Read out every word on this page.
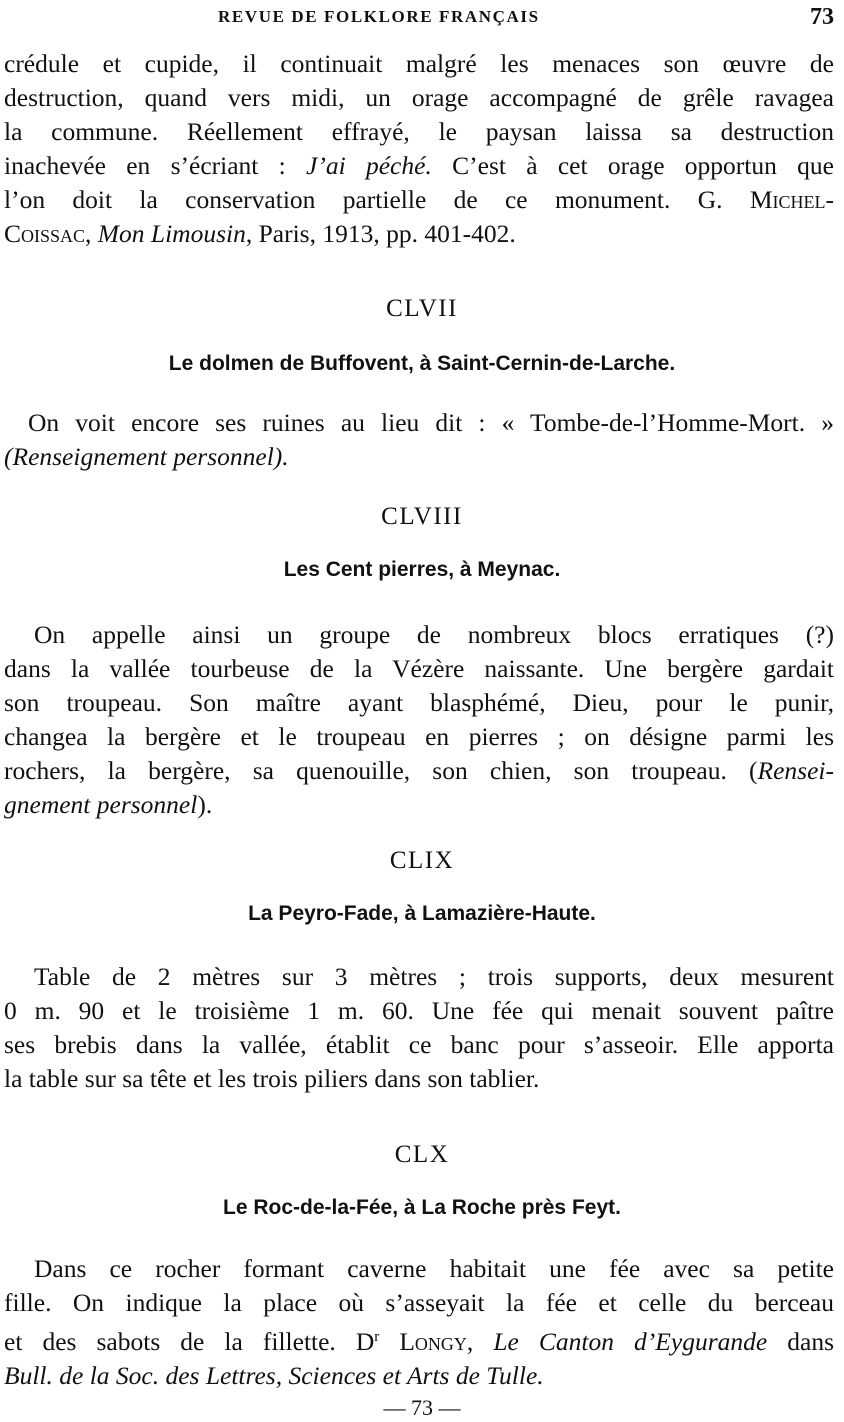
REVUE DE FOLKLORE FRANÇAIS	73

crédule et cupide, il continuait malgré les menaces son œuvre de
destruction, quand vers midi, un orage accompagné de grêle ravagea
la commune. Réellement effrayé, le paysan laissa sa destruction
inachevée en s’écriant : J’ai péché. C’est à cet orage opportun que
l’on doit la conservation partielle de ce monument. G. Michel-
Coissac, Mon Limousin, Paris, 1913, pp. 401-402.

CLVII
Le dolmen de Buffovent, à Saint-Cernin-de-Larche.

On voit encore ses ruines au lieu dit : « Tombe-de-l’Homme-Mort. »
(Renseignement personnel).

CLVIII
Les Cent pierres, à Meynac.

On appelle ainsi un groupe de nombreux blocs erratiques (?)
dans la vallée tourbeuse de la Vézère naissante. Une bergère gardait
son troupeau. Son maître ayant blasphémé, Dieu, pour le punir,
changea la bergère et le troupeau en pierres ; on désigne parmi les
rochers, la bergère, sa quenouille, son chien, son troupeau. (Rensei-
gnement personnel).

CLIX
La Peyro-Fade, à Lamazière-Haute.

Table de 2 mètres sur 3 mètres ; trois supports, deux mesurent
0 m. 90 et le troisième 1 m. 60. Une fée qui menait souvent paître
ses brebis dans la vallée, établit ce banc pour s’asseoir. Elle apporta
la table sur sa tête et les trois piliers dans son tablier.

CLX
Le Roc-de-la-Fée, à La Roche près Feyt.

Dans ce rocher formant caverne habitait une fée avec sa petite
fille. On indique la place où s’asseyait la fée et celle du berceau
et des sabots de la fillette. $D^r$ Longy, Le Canton d’Eygurande dans
Bull. de la Soc. des Lettres, Sciences et Arts de Tulle.

— 73 —
